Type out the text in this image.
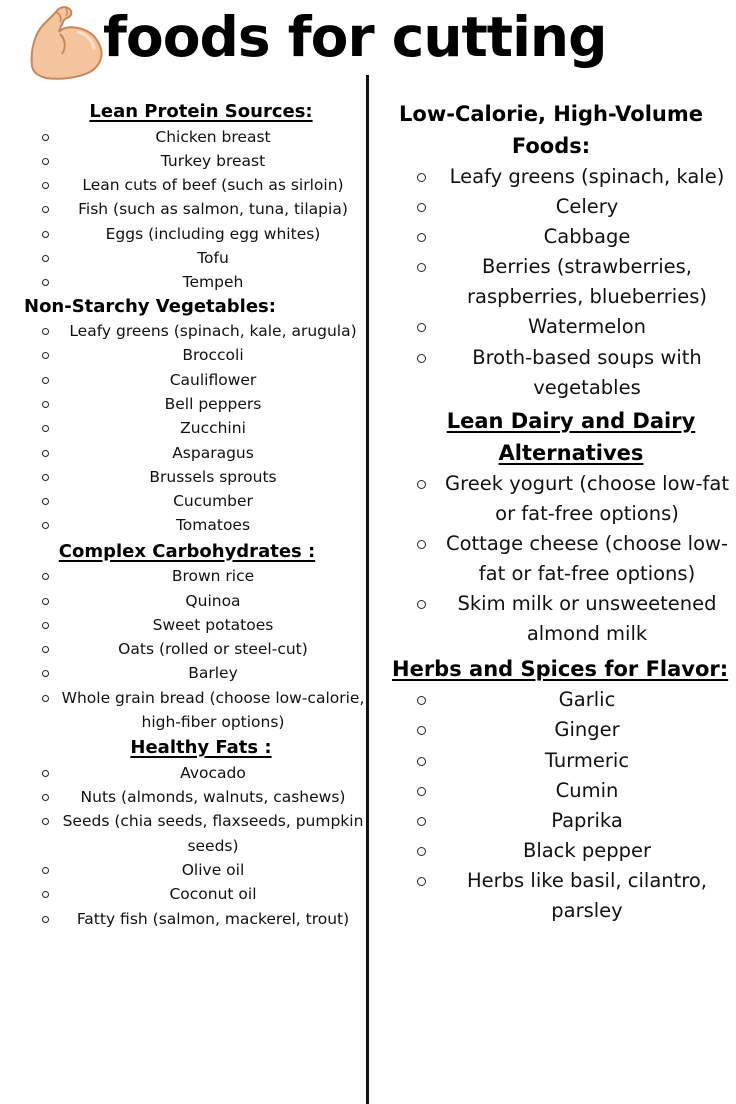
foods for cutting
Lean Protein Sources:
Chicken breast
Turkey breast
Lean cuts of beef (such as sirloin)
Fish (such as salmon, tuna, tilapia)
Eggs (including egg whites)
Tofu
Tempeh
Non-Starchy Vegetables:
Leafy greens (spinach, kale, arugula)
Broccoli
Cauliflower
Bell peppers
Zucchini
Asparagus
Brussels sprouts
Cucumber
Tomatoes
Complex Carbohydrates :
Brown rice
Quinoa
Sweet potatoes
Oats (rolled or steel-cut)
Barley
Whole grain bread (choose low-calorie, high-fiber options)
Healthy Fats :
Avocado
Nuts (almonds, walnuts, cashews)
Seeds (chia seeds, flaxseeds, pumpkin seeds)
Olive oil
Coconut oil
Fatty fish (salmon, mackerel, trout)
Low-Calorie, High-Volume Foods:
Leafy greens (spinach, kale)
Celery
Cabbage
Berries (strawberries, raspberries, blueberries)
Watermelon
Broth-based soups with vegetables
Lean Dairy and Dairy Alternatives
Greek yogurt (choose low-fat or fat-free options)
Cottage cheese (choose low-fat or fat-free options)
Skim milk or unsweetened almond milk
Herbs and Spices for Flavor:
Garlic
Ginger
Turmeric
Cumin
Paprika
Black pepper
Herbs like basil, cilantro, parsley
